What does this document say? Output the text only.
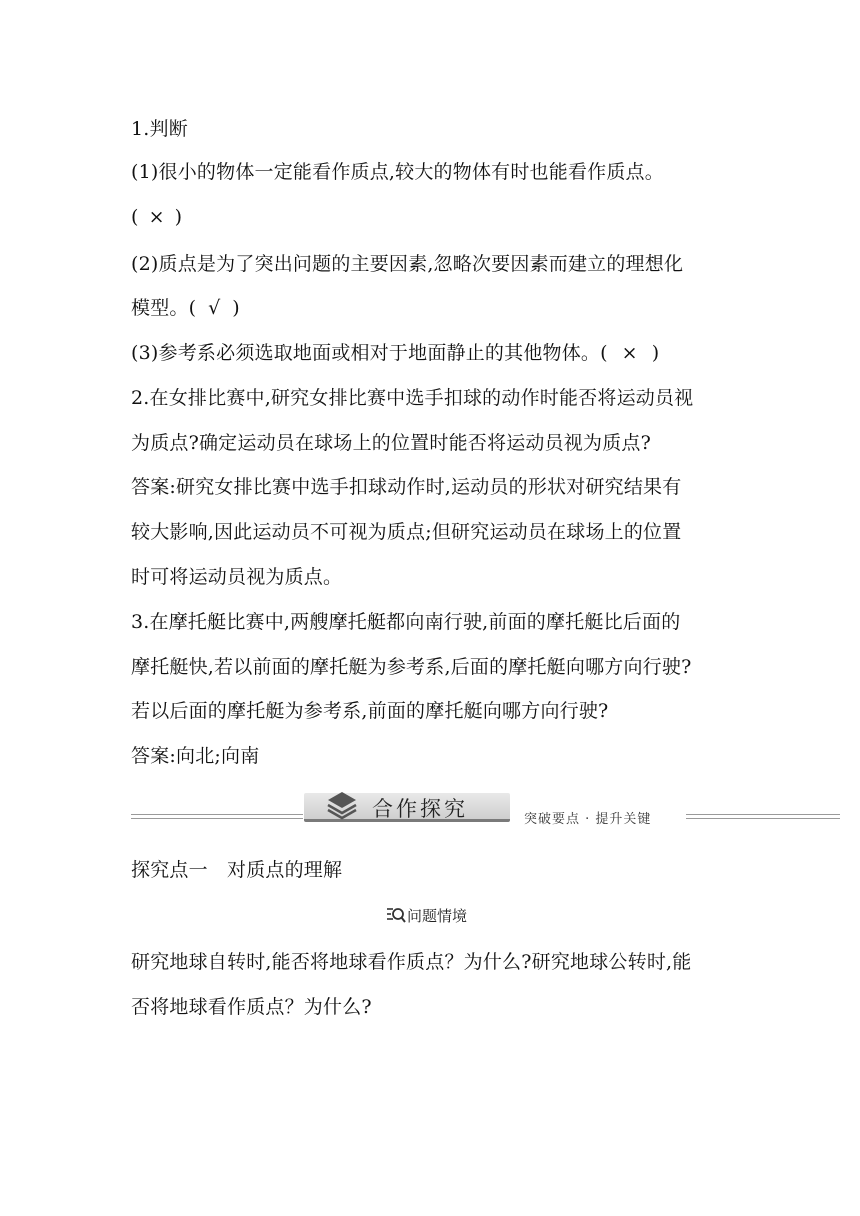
1.判断
(1)很小的物体一定能看作质点,较大的物体有时也能看作质点。
( × )
(2)质点是为了突出问题的主要因素,忽略次要因素而建立的理想化
模型。( √ )
(3)参考系必须选取地面或相对于地面静止的其他物体。( × )
2.在女排比赛中,研究女排比赛中选手扣球的动作时能否将运动员视
为质点?确定运动员在球场上的位置时能否将运动员视为质点?
答案:研究女排比赛中选手扣球动作时,运动员的形状对研究结果有
较大影响,因此运动员不可视为质点;但研究运动员在球场上的位置
时可将运动员视为质点。
3.在摩托艇比赛中,两艘摩托艇都向南行驶,前面的摩托艇比后面的
摩托艇快,若以前面的摩托艇为参考系,后面的摩托艇向哪方向行驶?
若以后面的摩托艇为参考系,前面的摩托艇向哪方向行驶?
答案:向北;向南
合作探究	突破要点 · 提升关键
探究点一　对质点的理解
问题情境
研究地球自转时,能否将地球看作质点？为什么?研究地球公转时,能
否将地球看作质点？为什么?
